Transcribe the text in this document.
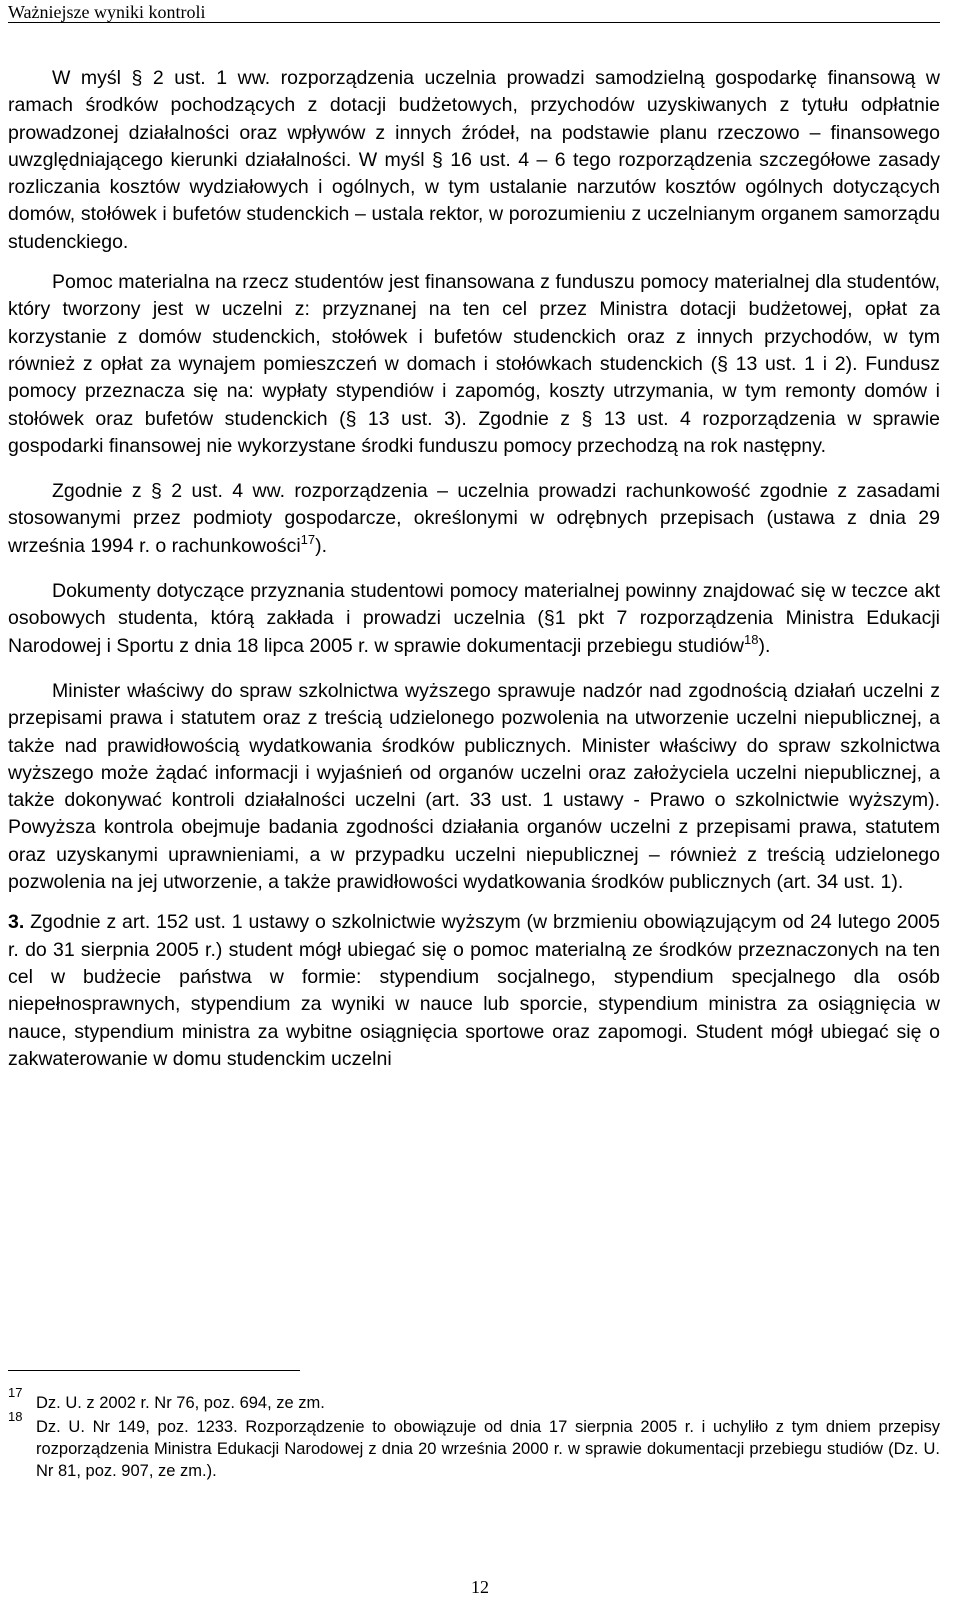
Ważniejsze wyniki kontroli

W myśl § 2 ust. 1 ww. rozporządzenia uczelnia prowadzi samodzielną gospodarkę finansową w ramach środków pochodzących z dotacji budżetowych, przychodów uzyskiwanych z tytułu odpłatnie prowadzonej działalności oraz wpływów z innych źródeł, na podstawie planu rzeczowo – finansowego uwzględniającego kierunki działalności. W myśl § 16 ust. 4 – 6 tego rozporządzenia szczegółowe zasady rozliczania kosztów wydziałowych i ogólnych, w tym ustalanie narzutów kosztów ogólnych dotyczących domów, stołówek i bufetów studenckich – ustala rektor, w porozumieniu z uczelnianym organem samorządu studenckiego.

Pomoc materialna na rzecz studentów jest finansowana z funduszu pomocy materialnej dla studentów, który tworzony jest w uczelni z: przyznanej na ten cel przez Ministra dotacji budżetowej, opłat za korzystanie z domów studenckich, stołówek i bufetów studenckich oraz z innych przychodów, w tym również z opłat za wynajem pomieszczeń w domach i stołówkach studenckich (§ 13 ust. 1 i 2). Fundusz pomocy przeznacza się na: wypłaty stypendiów i zapomóg, koszty utrzymania, w tym remonty domów i stołówek oraz bufetów studenckich (§ 13 ust. 3). Zgodnie z § 13 ust. 4 rozporządzenia w sprawie gospodarki finansowej nie wykorzystane środki funduszu pomocy przechodzą na rok następny.

Zgodnie z § 2 ust. 4 ww. rozporządzenia – uczelnia prowadzi rachunkowość zgodnie z zasadami stosowanymi przez podmioty gospodarcze, określonymi w odrębnych przepisach (ustawa z dnia 29 września 1994 r. o rachunkowości$^{17}$).

Dokumenty dotyczące przyznania studentowi pomocy materialnej powinny znajdować się w teczce akt osobowych studenta, którą zakłada i prowadzi uczelnia (§1 pkt 7 rozporządzenia Ministra Edukacji Narodowej i Sportu z dnia 18 lipca 2005 r. w sprawie dokumentacji przebiegu studiów$^{18}$).

Minister właściwy do spraw szkolnictwa wyższego sprawuje nadzór nad zgodnością działań uczelni z przepisami prawa i statutem oraz z treścią udzielonego pozwolenia na utworzenie uczelni niepublicznej, a także nad prawidłowością wydatkowania środków publicznych. Minister właściwy do spraw szkolnictwa wyższego może żądać informacji i wyjaśnień od organów uczelni oraz założyciela uczelni niepublicznej, a także dokonywać kontroli działalności uczelni (art. 33 ust. 1 ustawy - Prawo o szkolnictwie wyższym). Powyższa kontrola obejmuje badania zgodności działania organów uczelni z przepisami prawa, statutem oraz uzyskanymi uprawnieniami, a w przypadku uczelni niepublicznej – również z treścią udzielonego pozwolenia na jej utworzenie, a także prawidłowości wydatkowania środków publicznych (art. 34 ust. 1).

3. Zgodnie z art. 152 ust. 1 ustawy o szkolnictwie wyższym (w brzmieniu obowiązującym od 24 lutego 2005 r. do 31 sierpnia 2005 r.) student mógł ubiegać się o pomoc materialną ze środków przeznaczonych na ten cel w budżecie państwa w formie: stypendium socjalnego, stypendium specjalnego dla osób niepełnosprawnych, stypendium za wyniki w nauce lub sporcie, stypendium ministra za osiągnięcia w nauce, stypendium ministra za wybitne osiągnięcia sportowe oraz zapomogi. Student mógł ubiegać się o zakwaterowanie w domu studenckim uczelni

17
Dz. U. z 2002 r. Nr 76, poz. 694, ze zm.
18
Dz. U. Nr 149, poz. 1233. Rozporządzenie to obowiązuje od dnia 17 sierpnia 2005 r. i uchyliło z tym dniem przepisy rozporządzenia Ministra Edukacji Narodowej z dnia 20 września 2000 r. w sprawie dokumentacji przebiegu studiów (Dz. U. Nr 81, poz. 907, ze zm.).
12
